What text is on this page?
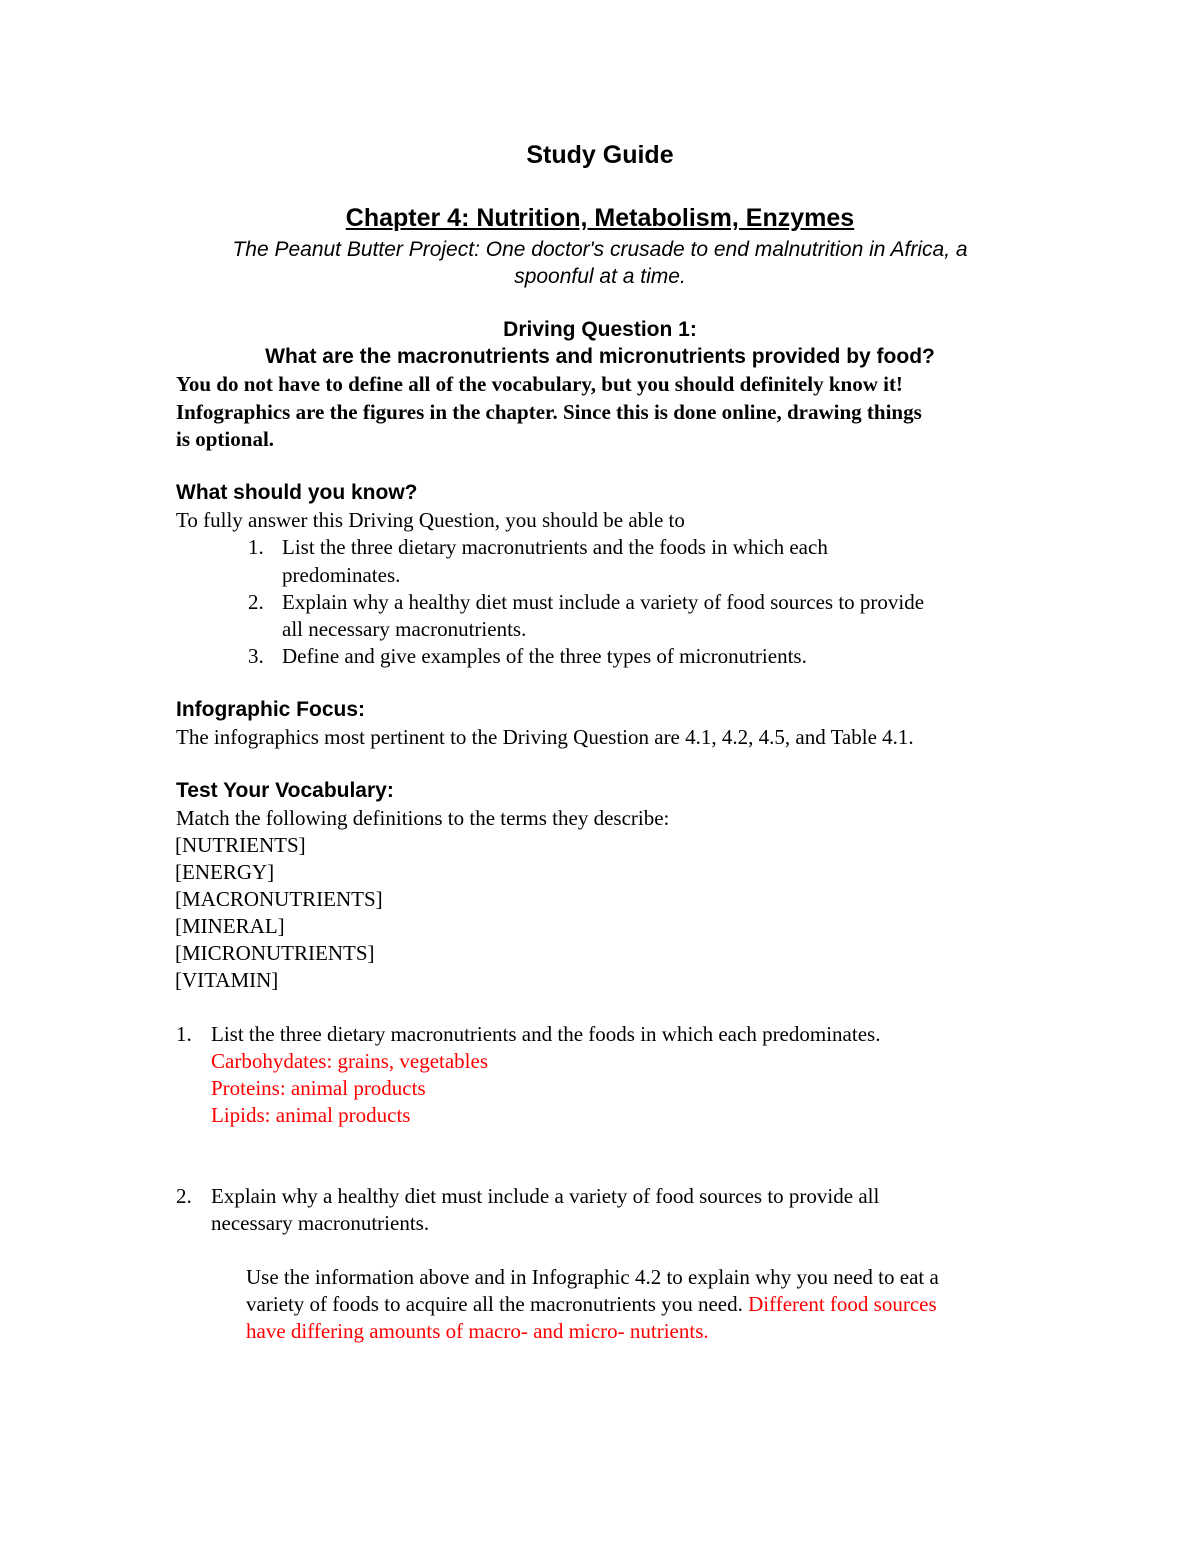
Study Guide
Chapter 4: Nutrition, Metabolism, Enzymes
The Peanut Butter Project: One doctor's crusade to end malnutrition in Africa, a
spoonful at a time.
Driving Question 1:
What are the macronutrients and micronutrients provided by food?
You do not have to define all of the vocabulary, but you should definitely know it!
Infographics are the figures in the chapter. Since this is done online, drawing things
is optional.
What should you know?
To fully answer this Driving Question, you should be able to
1. List the three dietary macronutrients and the foods in which each
predominates.
2. Explain why a healthy diet must include a variety of food sources to provide
all necessary macronutrients.
3. Define and give examples of the three types of micronutrients.
Infographic Focus:
The infographics most pertinent to the Driving Question are 4.1, 4.2, 4.5, and Table 4.1.
Test Your Vocabulary:
Match the following definitions to the terms they describe:
[NUTRIENTS]
[ENERGY]
[MACRONUTRIENTS]
[MINERAL]
[MICRONUTRIENTS]
[VITAMIN]
1. List the three dietary macronutrients and the foods in which each predominates.
Carbohydates: grains, vegetables
Proteins: animal products
Lipids: animal products
2. Explain why a healthy diet must include a variety of food sources to provide all
necessary macronutrients.
Use the information above and in Infographic 4.2 to explain why you need to eat a
variety of foods to acquire all the macronutrients you need. Different food sources
have differing amounts of macro- and micro- nutrients.
